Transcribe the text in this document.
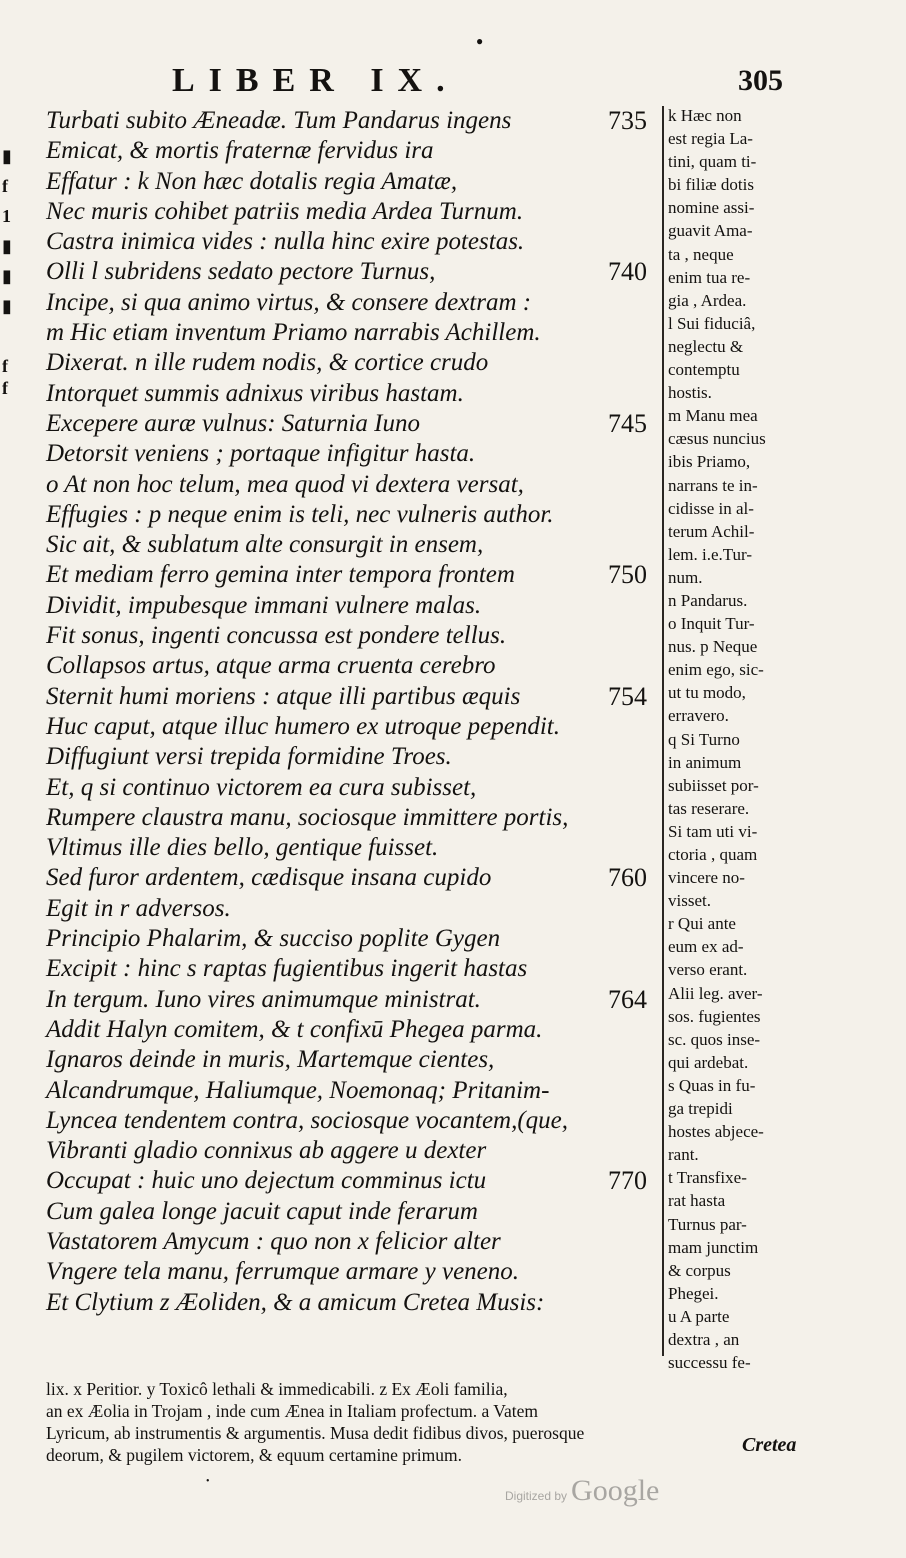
●
LIBER IX.	305
▮
f
1
▮
▮
▮
f
f
Turbati subito Æneadæ. Tum Pandarus ingens	735
Emicat, & mortis fraternæ fervidus ira
Effatur : k Non hæc dotalis regia Amatæ,
Nec muris cohibet patriis media Ardea Turnum.
Castra inimica vides : nulla hinc exire potestas.
Olli l subridens sedato pectore Turnus,	740
Incipe, si qua animo virtus, & consere dextram :
m Hic etiam inventum Priamo narrabis Achillem.
Dixerat. n ille rudem nodis, & cortice crudo
Intorquet summis adnixus viribus hastam.
Excepere auræ vulnus: Saturnia Iuno	745
Detorsit veniens ; portaque infigitur hasta.
o At non hoc telum, mea quod vi dextera versat,
Effugies : p neque enim is teli, nec vulneris author.
Sic ait, & sublatum alte consurgit in ensem,
Et mediam ferro gemina inter tempora frontem	750
Dividit, impubesque immani vulnere malas.
Fit sonus, ingenti concussa est pondere tellus.
Collapsos artus, atque arma cruenta cerebro
Sternit humi moriens : atque illi partibus æquis	754
Huc caput, atque illuc humero ex utroque pependit.
Diffugiunt versi trepida formidine Troes.
Et, q si continuo victorem ea cura subisset,
Rumpere claustra manu, sociosque immittere portis,
Vltimus ille dies bello, gentique fuisset.
Sed furor ardentem, cædisque insana cupido	760
Egit in r adversos.
Principio Phalarim, & succiso poplite Gygen
Excipit : hinc s raptas fugientibus ingerit hastas
In tergum. Iuno vires animumque ministrat.	764
Addit Halyn comitem, & t confixū Phegea parma.
Ignaros deinde in muris, Martemque cientes,
Alcandrumque, Haliumque, Noemonaq; Pritanim-
Lyncea tendentem contra, sociosque vocantem,(que,
Vibranti gladio connixus ab aggere u dexter
Occupat : huic uno dejectum comminus ictu	770
Cum galea longe jacuit caput inde ferarum
Vastatorem Amycum : quo non x felicior alter
Vngere tela manu, ferrumque armare y veneno.
Et Clytium z Æoliden, & a amicum Cretea Musis:
k Hæc non
est regia La-
tini, quam ti-
bi filiæ dotis
nomine assi-
guavit Ama-
ta , neque
enim tua re-
gia , Ardea.
l Sui fiduciâ,
neglectu &
contemptu
hostis.
m Manu mea
cæsus nuncius
ibis Priamo,
narrans te in-
cidisse in al-
terum Achil-
lem. i.e.Tur-
num.
n Pandarus.
o Inquit Tur-
nus. p Neque
enim ego, sic-
ut tu modo,
erravero.
q Si Turno
in animum
subiisset por-
tas reserare.
Si tam uti vi-
ctoria , quam
vincere no-
visset.
r Qui ante
eum ex ad-
verso erant.
Alii leg. aver-
sos. fugientes
sc. quos inse-
qui ardebat.
s Quas in fu-
ga trepidi
hostes abjece-
rant.
t Transfixe-
rat hasta
Turnus par-
mam junctim
& corpus
Phegei.
u A parte
dextra , an
successu fe-
lix. x Peritior. y Toxicô lethali & immedicabili. z Ex Æoli familia,
an ex Æolia in Trojam , inde cum Ænea in Italiam profectum. a Vatem
Lyricum, ab instrumentis & argumentis. Musa dedit fidibus divos, puerosque
deorum, & pugilem victorem, & equum certamine primum.	Cretea
•
Digitized by Google
